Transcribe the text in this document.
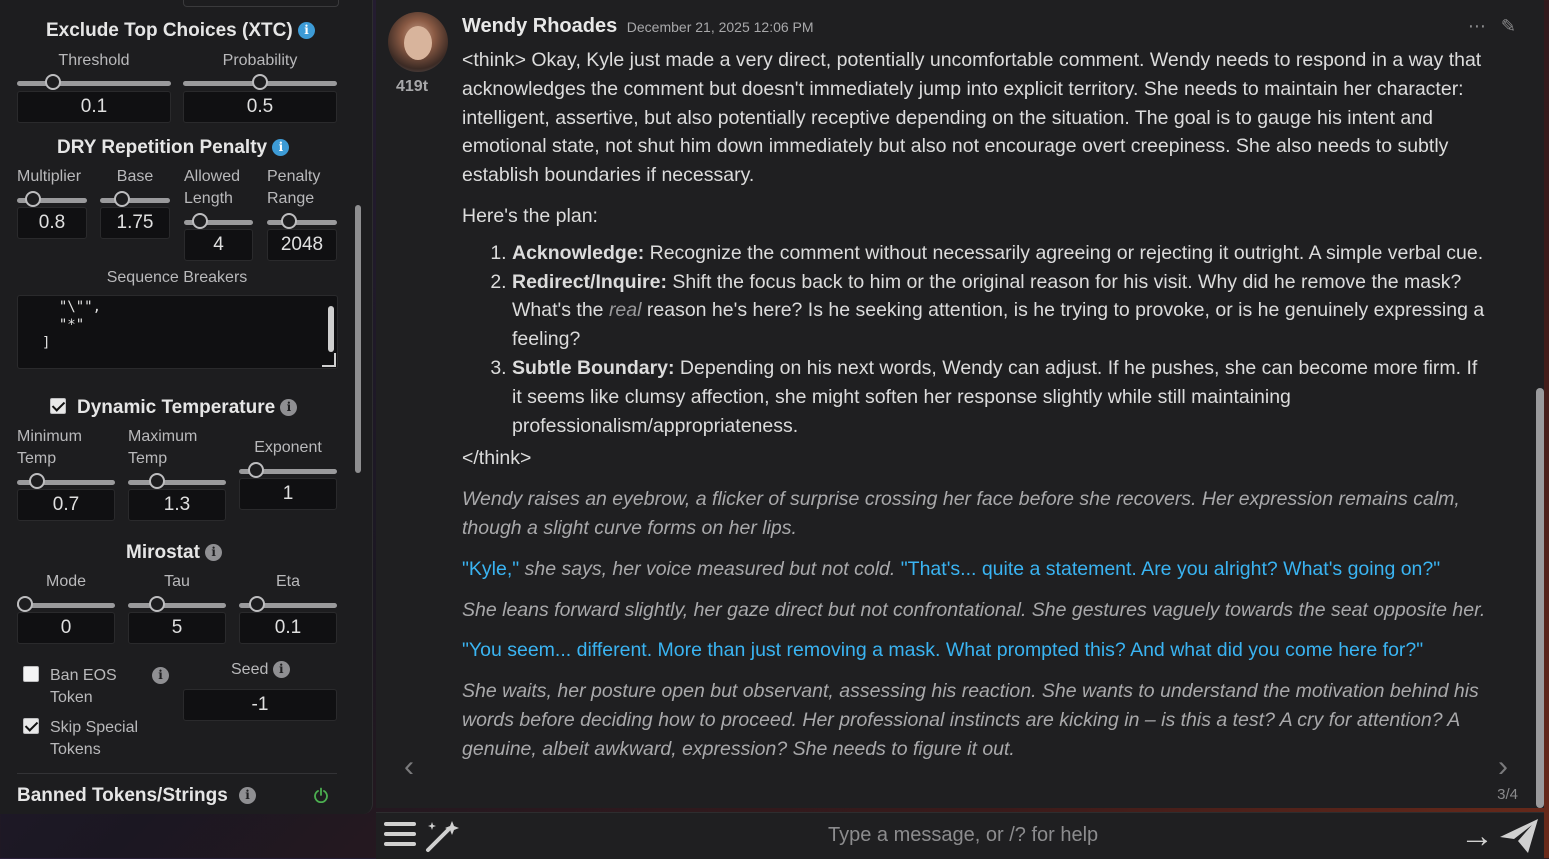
Exclude Top Choices (XTC) i
Threshold
0.1
Probability
0.5
DRY Repetition Penalty i
Multiplier
0.8
Base
1.75
Allowed
Length
4
Penalty
Range
2048
Sequence Breakers
"\"",
"*"
]
Dynamic Temperature i
Minimum
Temp
0.7
Maximum
Temp
1.3
Exponent
1
Mirostat i
Mode
0
Tau
5
Eta
0.1
Ban EOS
Token
i
Skip Special
Tokens
Seed i
-1
Banned Tokens/Strings i
419t
Wendy Rhoades December 21, 2025 12:06 PM	⋯ ✎

<think> Okay, Kyle just made a very direct, potentially uncomfortable comment. Wendy needs to respond in a way that acknowledges the comment but doesn't immediately jump into explicit territory. She needs to maintain her character: intelligent, assertive, but also potentially receptive depending on the situation. The goal is to gauge his intent and emotional state, not shut him down immediately but also not encourage overt creepiness. She also needs to subtly establish boundaries if necessary.

Here's the plan:

1. Acknowledge: Recognize the comment without necessarily agreeing or rejecting it outright. A simple verbal cue.
2. Redirect/Inquire: Shift the focus back to him or the original reason for his visit. Why did he remove the mask? What's the real reason he's here? Is he seeking attention, is he trying to provoke, or is he genuinely expressing a feeling?
3. Subtle Boundary: Depending on his next words, Wendy can adjust. If he pushes, she can become more firm. If it seems like clumsy affection, she might soften her response slightly while still maintaining professionalism/appropriateness.

</think>

Wendy raises an eyebrow, a flicker of surprise crossing her face before she recovers. Her expression remains calm, though a slight curve forms on her lips.

"Kyle," she says, her voice measured but not cold. "That's... quite a statement. Are you alright? What's going on?"

She leans forward slightly, her gaze direct but not confrontational. She gestures vaguely towards the seat opposite her.

"You seem... different. More than just removing a mask. What prompted this? And what did you come here for?"

She waits, her posture open but observant, assessing his reaction. She wants to understand the motivation behind his words before deciding how to proceed. Her professional instincts are kicking in – is this a test? A cry for attention? A genuine, albeit awkward, expression? She needs to figure it out.

‹	›
3/4
Type a message, or /? for help	→
